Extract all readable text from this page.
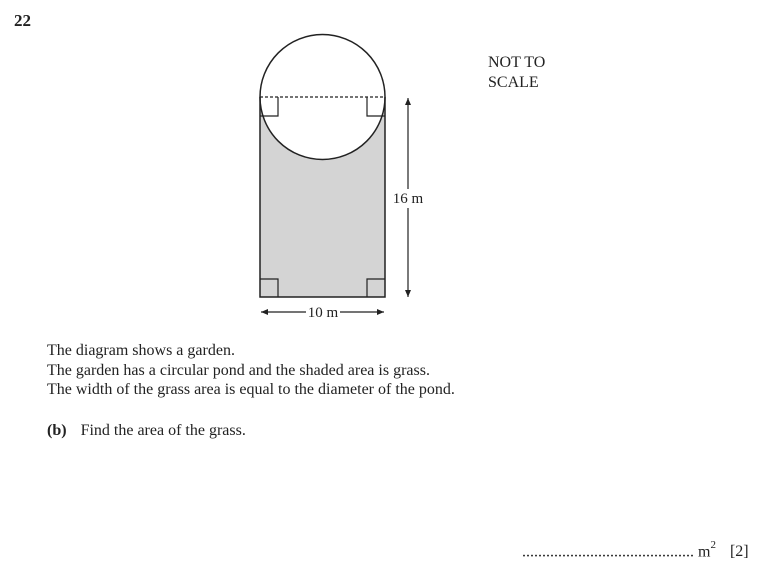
22
NOT TO
SCALE
16 m
10 m
The diagram shows a garden.
The garden has a circular pond and the shaded area is grass.
The width of the grass area is equal to the diameter of the pond.
(b) Find the area of the grass.
........................................... $m^2$ [2]
